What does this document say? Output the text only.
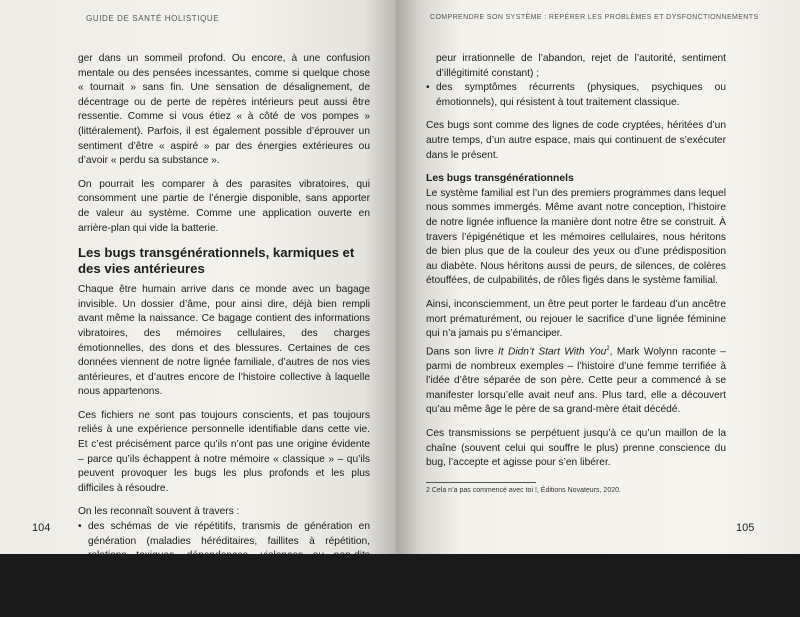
GUIDE DE SANTÉ HOLISTIQUE

ger dans un sommeil profond. Ou encore, à une confusion mentale ou des pensées incessantes, comme si quelque chose « tournait » sans fin. Une sensation de désalignement, de décentrage ou de perte de repères intérieurs peut aussi être ressentie. Comme si vous étiez « à côté de vos pompes » (littéralement). Parfois, il est également possible d’éprouver un sentiment d’être « aspiré » par des énergies extérieures ou d’avoir « perdu sa substance ».

On pourrait les comparer à des parasites vibratoires, qui consomment une partie de l’énergie disponible, sans apporter de valeur au système. Comme une application ouverte en arrière-plan qui vide la batterie.

Les bugs transgénérationnels, karmiques et des vies antérieures

Chaque être humain arrive dans ce monde avec un bagage invisible. Un dossier d’âme, pour ainsi dire, déjà bien rempli avant même la naissance. Ce bagage contient des informations vibratoires, des mémoires cellulaires, des charges émotionnelles, des dons et des blessures. Certaines de ces données viennent de notre lignée familiale, d’autres de nos vies antérieures, et d’autres encore de l’histoire collective à laquelle nous appartenons.

Ces fichiers ne sont pas toujours conscients, et pas toujours reliés à une expérience personnelle identifiable dans cette vie. Et c’est précisément parce qu’ils n’ont pas une origine évidente – parce qu’ils échappent à notre mémoire « classique » – qu’ils peuvent provoquer les bugs les plus profonds et les plus difficiles à résoudre.

On les reconnaît souvent à travers :

• des schémas de vie répétitifs, transmis de génération en génération (maladies héréditaires, faillites à répétition, relations toxiques, dépendances, violences ou non-dits familiaux) ;
• des blocages inexpliqués, qui échappent à la logique et à la volonté (impossibilité de s’épanouir professionnellement,
104
COMPRENDRE SON SYSTÈME : REPÉRER LES PROBLÈMES ET DYSFONCTIONNEMENTS

peur irrationnelle de l’abandon, rejet de l’autorité, sentiment d’illégitimité constant) ;

• des symptômes récurrents (physiques, psychiques ou émotionnels), qui résistent à tout traitement classique.

Ces bugs sont comme des lignes de code cryptées, héritées d’un autre temps, d’un autre espace, mais qui continuent de s’exécuter dans le présent.

Les bugs transgénérationnels

Le système familial est l’un des premiers programmes dans lequel nous sommes immergés. Même avant notre conception, l’histoire de notre lignée influence la manière dont notre être se construit. À travers l’épigénétique et les mémoires cellulaires, nous héritons de bien plus que de la couleur des yeux ou d’une prédisposition au diabète. Nous héritons aussi de peurs, de silences, de colères étouffées, de culpabilités, de rôles figés dans le système familial.

Ainsi, inconsciemment, un être peut porter le fardeau d’un ancêtre mort prématurément, ou rejouer le sacrifice d’une lignée féminine qui n’a jamais pu s’émanciper.

Dans son livre It Didn’t Start With You$^2$, Mark Wolynn raconte – parmi de nombreux exemples – l’histoire d’une femme terrifiée à l’idée d’être séparée de son père. Cette peur a commencé à se manifester lorsqu’elle avait neuf ans. Plus tard, elle a découvert qu’au même âge le père de sa grand-mère était décédé.

Ces transmissions se perpétuent jusqu’à ce qu’un maillon de la chaîne (souvent celui qui souffre le plus) prenne conscience du bug, l’accepte et agisse pour s’en libérer.

2 Cela n’a pas commencé avec toi !, Éditions Novateurs, 2020.
105
